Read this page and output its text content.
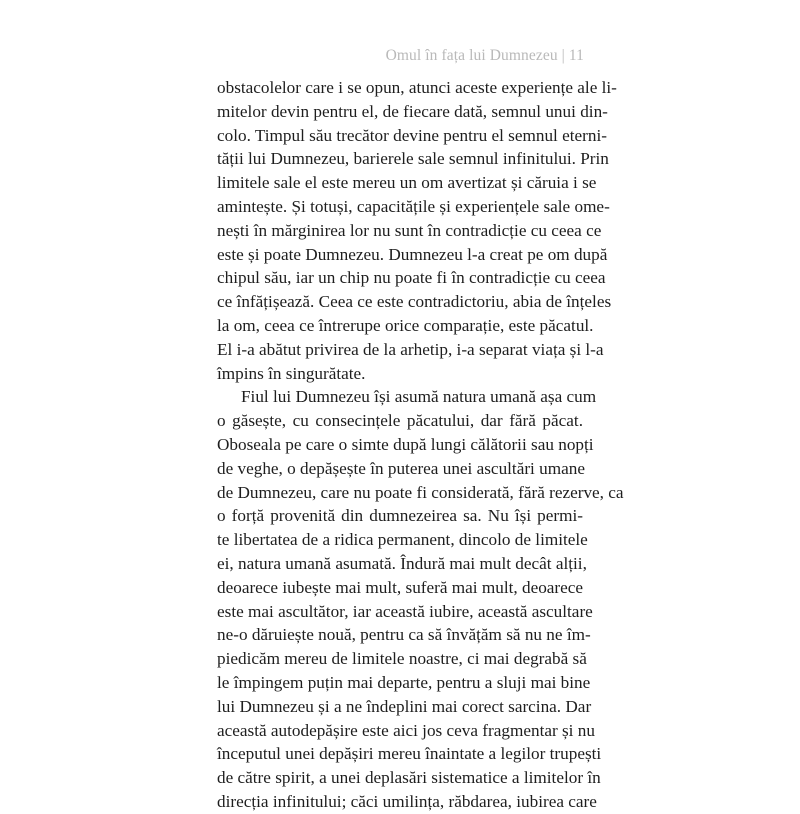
Omul în fața lui Dumnezeu | 11
obstacolelor care i se opun, atunci aceste experiențe ale li-
mitelor devin pentru el, de fiecare dată, semnul unui din-
colo. Timpul său trecător devine pentru el semnul eterni-
tății lui Dumnezeu, barierele sale semnul infinitului. Prin
limitele sale el este mereu un om avertizat și căruia i se
amintește. Și totuși, capacitățile și experiențele sale ome-
nești în mărginirea lor nu sunt în contradicție cu ceea ce
este și poate Dumnezeu. Dumnezeu l-a creat pe om după
chipul său, iar un chip nu poate fi în contradicție cu ceea
ce înfățișează. Ceea ce este contradictoriu, abia de înțeles
la om, ceea ce întrerupe orice comparație, este păcatul.
El i-a abătut privirea de la arhetip, i-a separat viața și l-a
împins în singurătate.
Fiul lui Dumnezeu își asumă natura umană așa cum
o găsește, cu consecințele păcatului, dar fără păcat.
Oboseala pe care o simte după lungi călătorii sau nopți
de veghe, o depășește în puterea unei ascultări umane
de Dumnezeu, care nu poate fi considerată, fără rezerve, ca
o forță provenită din dumnezeirea sa. Nu își permi-
te libertatea de a ridica permanent, dincolo de limitele
ei, natura umană asumată. Îndură mai mult decât alții,
deoarece iubește mai mult, suferă mai mult, deoarece
este mai ascultător, iar această iubire, această ascultare
ne-o dăruiește nouă, pentru ca să învățăm să nu ne îm-
piedicăm mereu de limitele noastre, ci mai degrabă să
le împingem puțin mai departe, pentru a sluji mai bine
lui Dumnezeu și a ne îndeplini mai corect sarcina. Dar
această autodepășire este aici jos ceva fragmentar și nu
începutul unei depășiri mereu înaintate a legilor trupești
de către spirit, a unei deplasări sistematice a limitelor în
direcția infinitului; căci umilința, răbdarea, iubirea care
